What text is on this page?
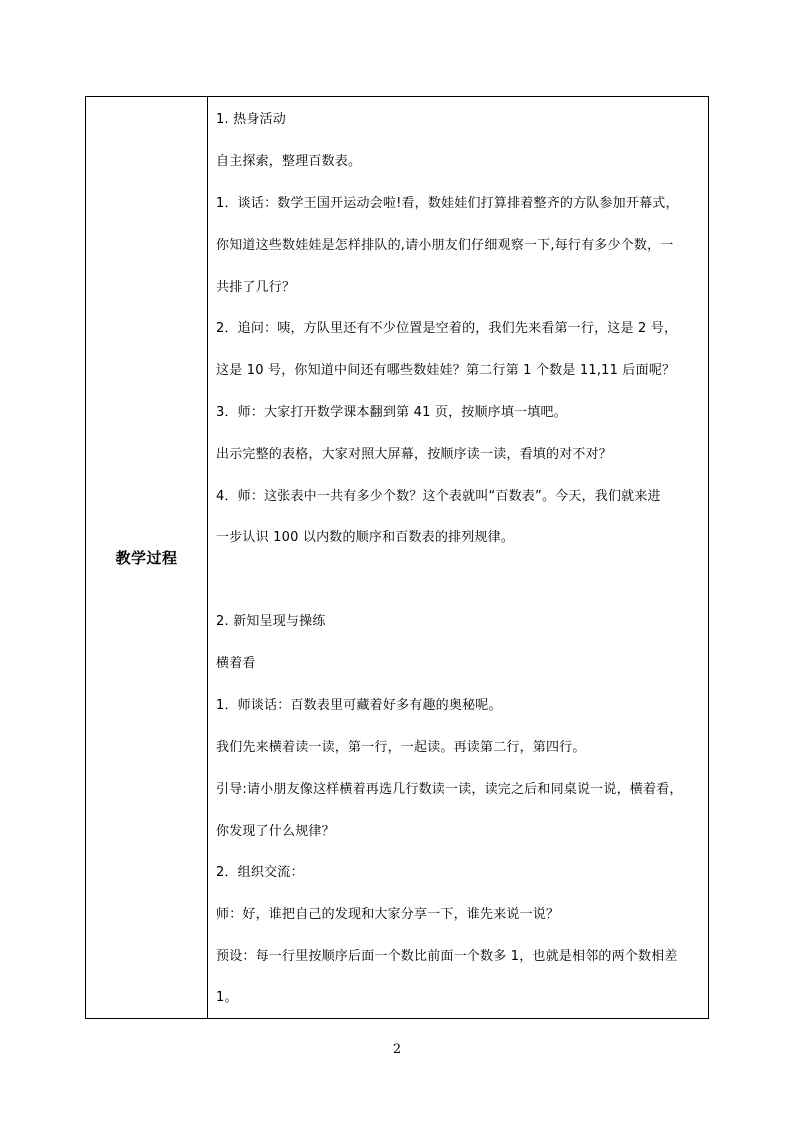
教学过程
1. 热身活动
自主探索，整理百数表。
1．谈话：数学王国开运动会啦!看，数娃娃们打算排着整齐的方队参加开幕式，
你知道这些数娃娃是怎样排队的,请小朋友们仔细观察一下,每行有多少个数，一
共排了几行？
2．追问：咦，方队里还有不少位置是空着的，我们先来看第一行，这是 2 号，
这是 10 号，你知道中间还有哪些数娃娃？第二行第 1 个数是 11,11 后面呢？
3．师：大家打开数学课本翻到第 41 页，按顺序填一填吧。
出示完整的表格，大家对照大屏幕，按顺序读一读，看填的对不对？
4．师：这张表中一共有多少个数？这个表就叫“百数表”。今天，我们就来进
一步认识 100 以内数的顺序和百数表的排列规律。
2. 新知呈现与操练
横着看
1．师谈话：百数表里可藏着好多有趣的奥秘呢。
我们先来横着读一读，第一行，一起读。再读第二行，第四行。
引导:请小朋友像这样横着再选几行数读一读，读完之后和同桌说一说，横着看，
你发现了什么规律？
2．组织交流：
师：好，谁把自己的发现和大家分享一下，谁先来说一说？
预设：每一行里按顺序后面一个数比前面一个数多 1，也就是相邻的两个数相差
1。
2
